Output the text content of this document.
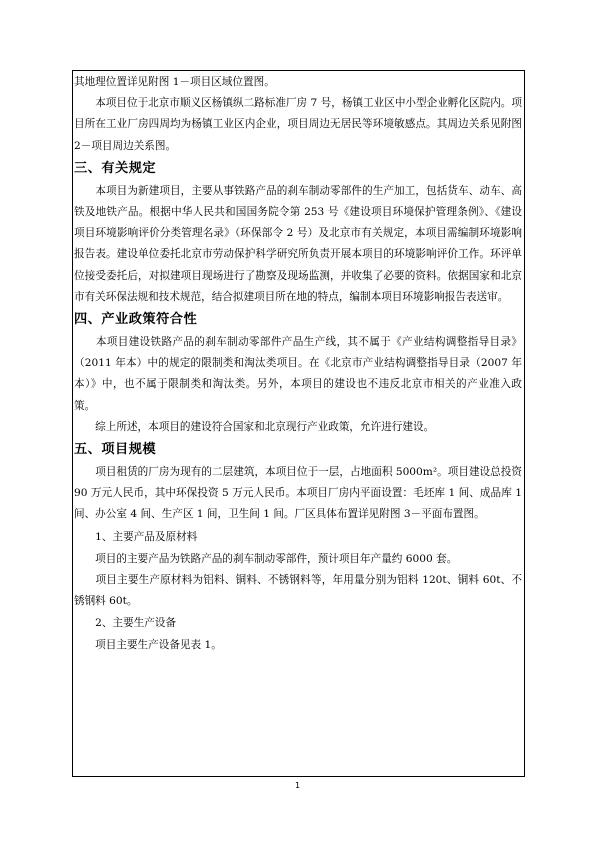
其地理位置详见附图 1－项目区域位置图。

　　本项目位于北京市顺义区杨镇纵二路标准厂房 7 号，杨镇工业区中小型企业孵化区院内。项目所在工业厂房四周均为杨镇工业区内企业，项目周边无居民等环境敏感点。其周边关系见附图 2－项目周边关系图。

三、有关规定

　　本项目为新建项目，主要从事铁路产品的刹车制动零部件的生产加工，包括货车、动车、高铁及地铁产品。根据中华人民共和国国务院令第 253 号《建设项目环境保护管理条例》、《建设项目环境影响评价分类管理名录》（环保部令 2 号）及北京市有关规定，本项目需编制环境影响报告表。建设单位委托北京市劳动保护科学研究所负责开展本项目的环境影响评价工作。环评单位接受委托后，对拟建项目现场进行了勘察及现场监测，并收集了必要的资料。依据国家和北京市有关环保法规和技术规范，结合拟建项目所在地的特点，编制本项目环境影响报告表送审。

四、产业政策符合性

　　本项目建设铁路产品的刹车制动零部件产品生产线，其不属于《产业结构调整指导目录》（2011 年本）中的规定的限制类和淘汰类项目。在《北京市产业结构调整指导目录（2007 年本）》中，也不属于限制类和淘汰类。另外，本项目的建设也不违反北京市相关的产业准入政策。

　　综上所述，本项目的建设符合国家和北京现行产业政策，允许进行建设。

五、项目规模

　　项目租赁的厂房为现有的二层建筑，本项目位于一层，占地面积 5000m²。项目建设总投资 90 万元人民币，其中环保投资 5 万元人民币。本项目厂房内平面设置：毛坯库 1 间、成品库 1 间、办公室 4 间、生产区 1 间，卫生间 1 间。厂区具体布置详见附图 3－平面布置图。

　　1、主要产品及原材料

　　项目的主要产品为铁路产品的刹车制动零部件，预计项目年产量约 6000 套。

　　项目主要生产原材料为铝料、铜料、不锈钢料等，年用量分别为铝料 120t、铜料 60t、不锈钢料 60t。

　　2、主要生产设备

　　项目主要生产设备见表 1。

1
